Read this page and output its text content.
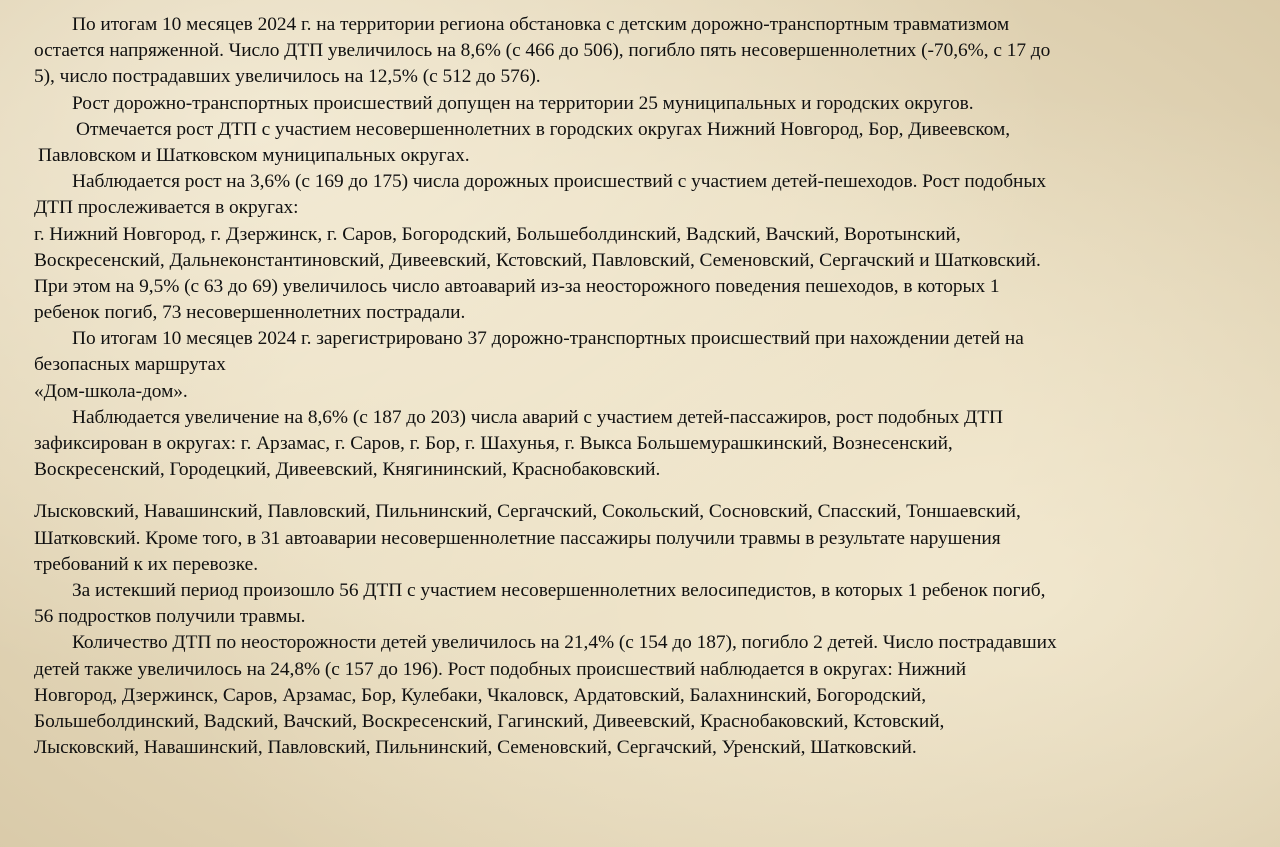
По итогам 10 месяцев 2024 г. на территории региона обстановка с детским дорожно-транспортным травматизмом
остается напряженной. Число ДТП увеличилось на 8,6% (с 466 до 506), погибло пять несовершеннолетних (-70,6%, с 17 до
5), число пострадавших увеличилось на 12,5% (с 512 до 576).
Рост дорожно-транспортных происшествий допущен на территории 25 муниципальных и городских округов.
Отмечается рост ДТП с участием несовершеннолетних в городских округах Нижний Новгород, Бор, Дивеевском,
Павловском и Шатковском муниципальных округах.
Наблюдается рост на 3,6% (с 169 до 175) числа дорожных происшествий с участием детей-пешеходов. Рост подобных
ДТП прослеживается в округах:
г. Нижний Новгород, г. Дзержинск, г. Саров, Богородский, Большеболдинский, Вадский, Вачский, Воротынский,
Воскресенский, Дальнеконстантиновский, Дивеевский, Кстовский, Павловский, Семеновский, Сергачский и Шатковский.
При этом на 9,5% (с 63 до 69) увеличилось число автоаварий из-за неосторожного поведения пешеходов, в которых 1
ребенок погиб, 73 несовершеннолетних пострадали.
По итогам 10 месяцев 2024 г. зарегистрировано 37 дорожно-транспортных происшествий при нахождении детей на
безопасных маршрутах
«Дом-школа-дом».
Наблюдается увеличение на 8,6% (с 187 до 203) числа аварий с участием детей-пассажиров, рост подобных ДТП
зафиксирован в округах: г. Арзамас, г. Саров, г. Бор, г. Шахунья, г. Выкса Большемурашкинский, Вознесенский,
Воскресенский, Городецкий, Дивеевский, Княгининский, Краснобаковский.
Лысковский, Навашинский, Павловский, Пильнинский, Сергачский, Сокольский, Сосновский, Спасский, Тоншаевский,
Шатковский. Кроме того, в 31 автоаварии несовершеннолетние пассажиры получили травмы в результате нарушения
требований к их перевозке.
За истекший период произошло 56 ДТП с участием несовершеннолетних велосипедистов, в которых 1 ребенок погиб,
56 подростков получили травмы.
Количество ДТП по неосторожности детей увеличилось на 21,4% (с 154 до 187), погибло 2 детей. Число пострадавших
детей также увеличилось на 24,8% (с 157 до 196). Рост подобных происшествий наблюдается в округах: Нижний
Новгород, Дзержинск, Саров, Арзамас, Бор, Кулебаки, Чкаловск, Ардатовский, Балахнинский, Богородский,
Большеболдинский, Вадский, Вачский, Воскресенский, Гагинский, Дивеевский, Краснобаковский, Кстовский,
Лысковский, Навашинский, Павловский, Пильнинский, Семеновский, Сергачский, Уренский, Шатковский.
